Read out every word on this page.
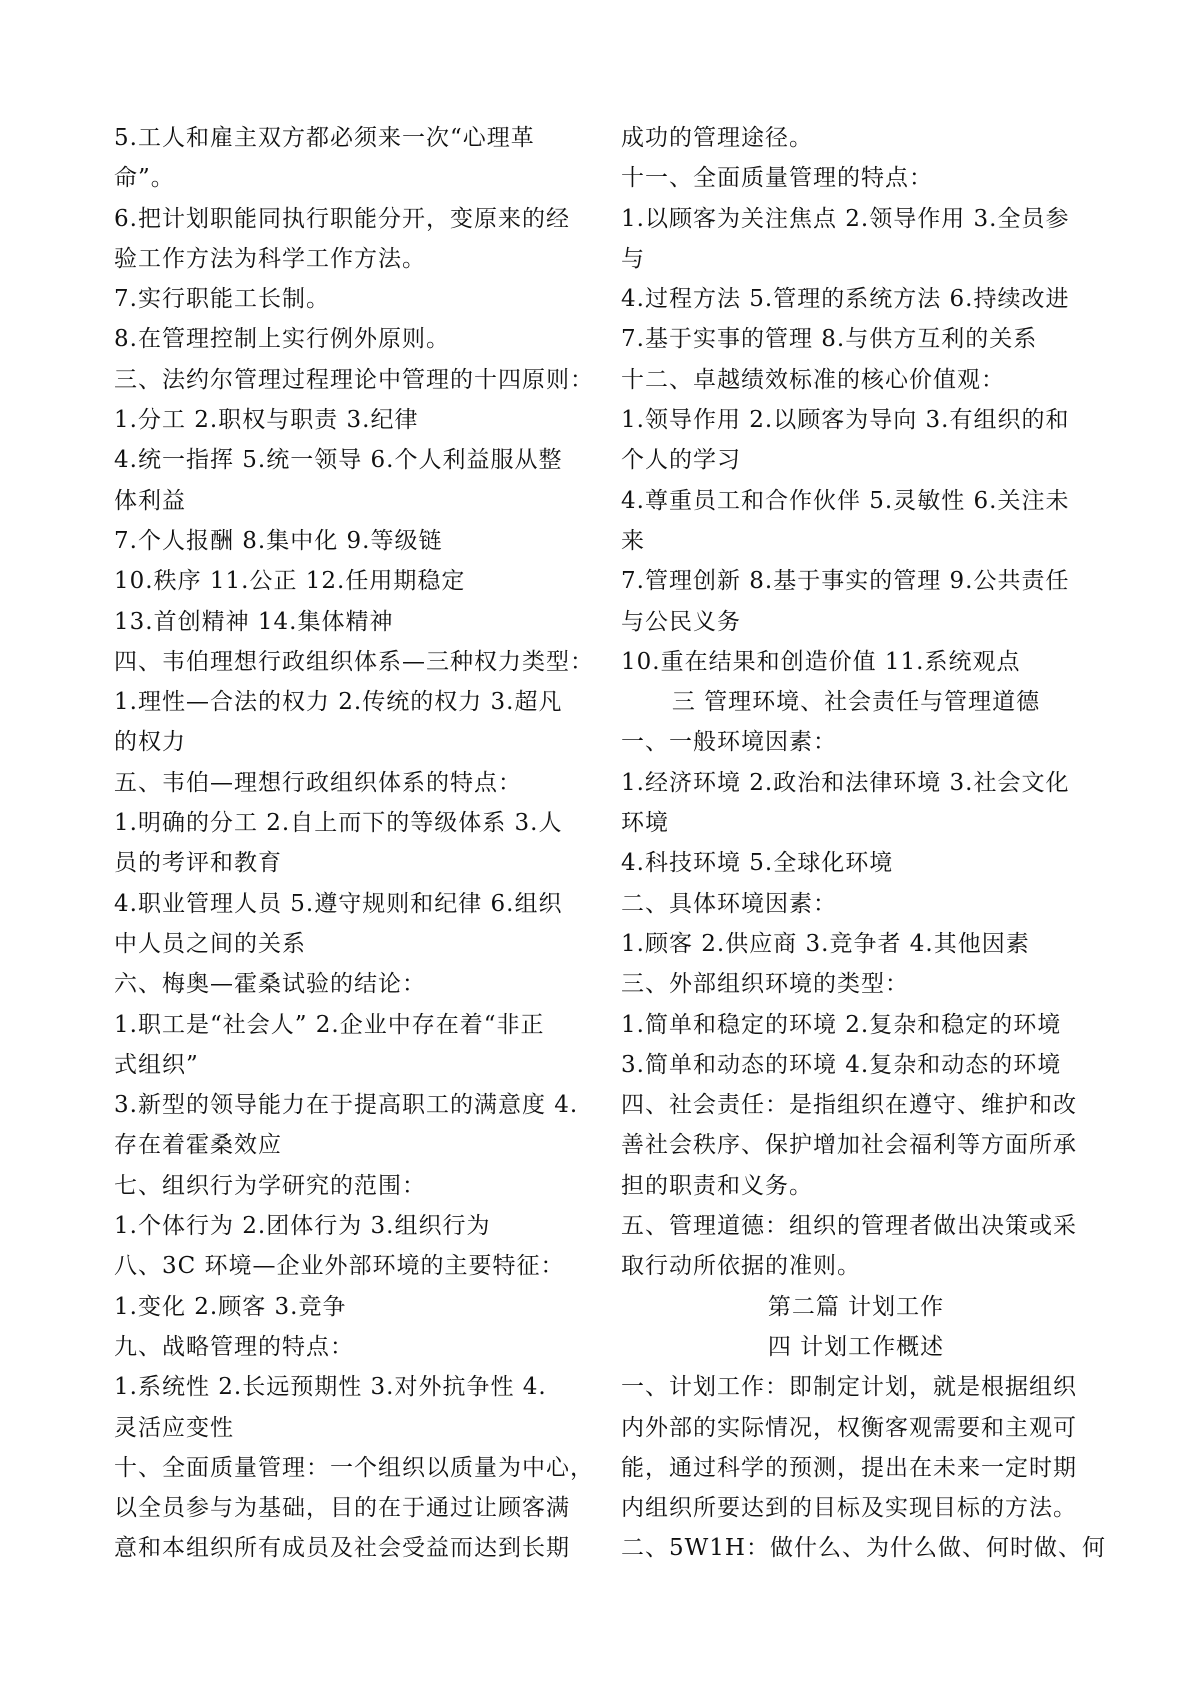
5.工人和雇主双方都必须来一次“心理革
命”。
6.把计划职能同执行职能分开，变原来的经
验工作方法为科学工作方法。
7.实行职能工长制。
8.在管理控制上实行例外原则。
三、法约尔管理过程理论中管理的十四原则：
1.分工 2.职权与职责 3.纪律
4.统一指挥 5.统一领导 6.个人利益服从整
体利益
7.个人报酬 8.集中化 9.等级链
10.秩序 11.公正 12.任用期稳定
13.首创精神 14.集体精神
四、韦伯理想行政组织体系—三种权力类型：
1.理性—合法的权力 2.传统的权力 3.超凡
的权力
五、韦伯—理想行政组织体系的特点：
1.明确的分工 2.自上而下的等级体系 3.人
员的考评和教育
4.职业管理人员 5.遵守规则和纪律 6.组织
中人员之间的关系
六、梅奥—霍桑试验的结论：
1.职工是“社会人” 2.企业中存在着“非正
式组织”
3.新型的领导能力在于提高职工的满意度 4.
存在着霍桑效应
七、组织行为学研究的范围：
1.个体行为 2.团体行为 3.组织行为
八、3C 环境—企业外部环境的主要特征：
1.变化 2.顾客 3.竞争
九、战略管理的特点：
1.系统性 2.长远预期性 3.对外抗争性 4.
灵活应变性
十、全面质量管理：一个组织以质量为中心，
以全员参与为基础，目的在于通过让顾客满
意和本组织所有成员及社会受益而达到长期
成功的管理途径。
十一、全面质量管理的特点：
1.以顾客为关注焦点 2.领导作用 3.全员参
与
4.过程方法 5.管理的系统方法 6.持续改进
7.基于实事的管理 8.与供方互利的关系
十二、卓越绩效标准的核心价值观：
1.领导作用 2.以顾客为导向 3.有组织的和
个人的学习
4.尊重员工和合作伙伴 5.灵敏性 6.关注未
来
7.管理创新 8.基于事实的管理 9.公共责任
与公民义务
10.重在结果和创造价值 11.系统观点
三 管理环境、社会责任与管理道德
一、一般环境因素：
1.经济环境 2.政治和法律环境 3.社会文化
环境
4.科技环境 5.全球化环境
二、具体环境因素：
1.顾客 2.供应商 3.竞争者 4.其他因素
三、外部组织环境的类型：
1.简单和稳定的环境 2.复杂和稳定的环境
3.简单和动态的环境 4.复杂和动态的环境
四、社会责任：是指组织在遵守、维护和改
善社会秩序、保护增加社会福利等方面所承
担的职责和义务。
五、管理道德：组织的管理者做出决策或采
取行动所依据的准则。
第二篇 计划工作
四 计划工作概述
一、计划工作：即制定计划，就是根据组织
内外部的实际情况，权衡客观需要和主观可
能，通过科学的预测，提出在未来一定时期
内组织所要达到的目标及实现目标的方法。
二、5W1H：做什么、为什么做、何时做、何
